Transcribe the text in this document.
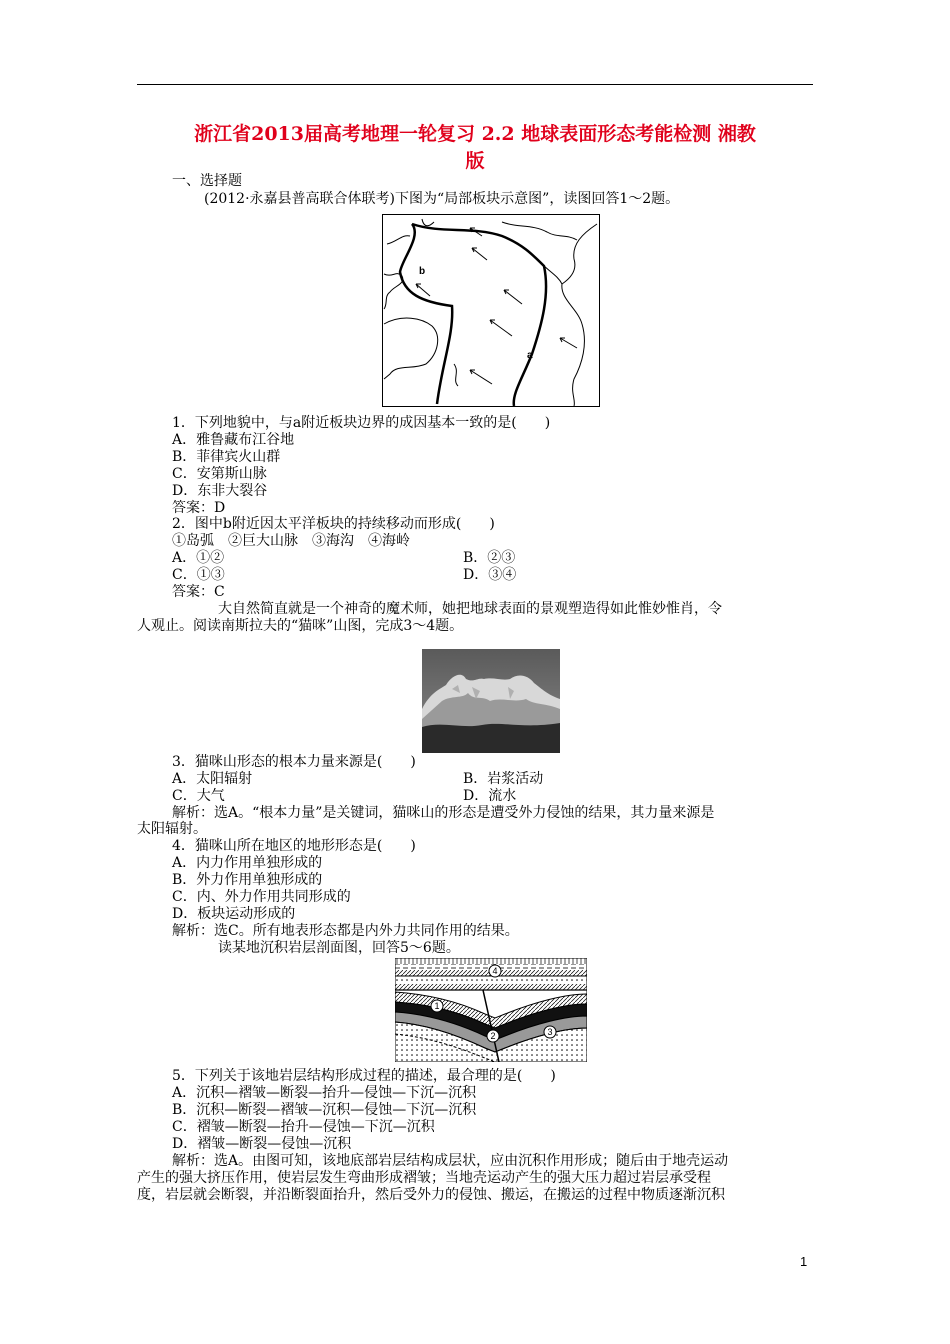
浙江省2013届高考地理一轮复习 2.2 地球表面形态考能检测 湘教
版
一、选择题
(2012·永嘉县普高联合体联考)下图为“局部板块示意图”，读图回答1～2题。
b
a
1．下列地貌中，与a附近板块边界的成因基本一致的是(　　)
A．雅鲁藏布江谷地
B．菲律宾火山群
C．安第斯山脉
D．东非大裂谷
答案：D
2．图中b附近因太平洋板块的持续移动而形成(　　)
①岛弧　②巨大山脉　③海沟　④海岭
A．①②	B．②③
C．①③	D．③④
答案：C
大自然简直就是一个神奇的魔术师，她把地球表面的景观塑造得如此惟妙惟肖，令
人观止。阅读南斯拉夫的“猫咪”山图，完成3～4题。
3．猫咪山形态的根本力量来源是(　　)
A．太阳辐射	B．岩浆活动
C．大气	D．流水
解析：选A。“根本力量”是关键词，猫咪山的形态是遭受外力侵蚀的结果，其力量来源是
太阳辐射。
4．猫咪山所在地区的地形形态是(　　)
A．内力作用单独形成的
B．外力作用单独形成的
C．内、外力作用共同形成的
D．板块运动形成的
解析：选C。所有地表形态都是内外力共同作用的结果。
读某地沉积岩层剖面图，回答5～6题。
4
1
2	3
5．下列关于该地岩层结构形成过程的描述，最合理的是(　　)
A．沉积—褶皱—断裂—抬升—侵蚀—下沉—沉积
B．沉积—断裂—褶皱—沉积—侵蚀—下沉—沉积
C．褶皱—断裂—抬升—侵蚀—下沉—沉积
D．褶皱—断裂—侵蚀—沉积
解析：选A。由图可知，该地底部岩层结构成层状，应由沉积作用形成；随后由于地壳运动
产生的强大挤压作用，使岩层发生弯曲形成褶皱；当地壳运动产生的强大压力超过岩层承受程
度，岩层就会断裂，并沿断裂面抬升，然后受外力的侵蚀、搬运，在搬运的过程中物质逐渐沉积
1
